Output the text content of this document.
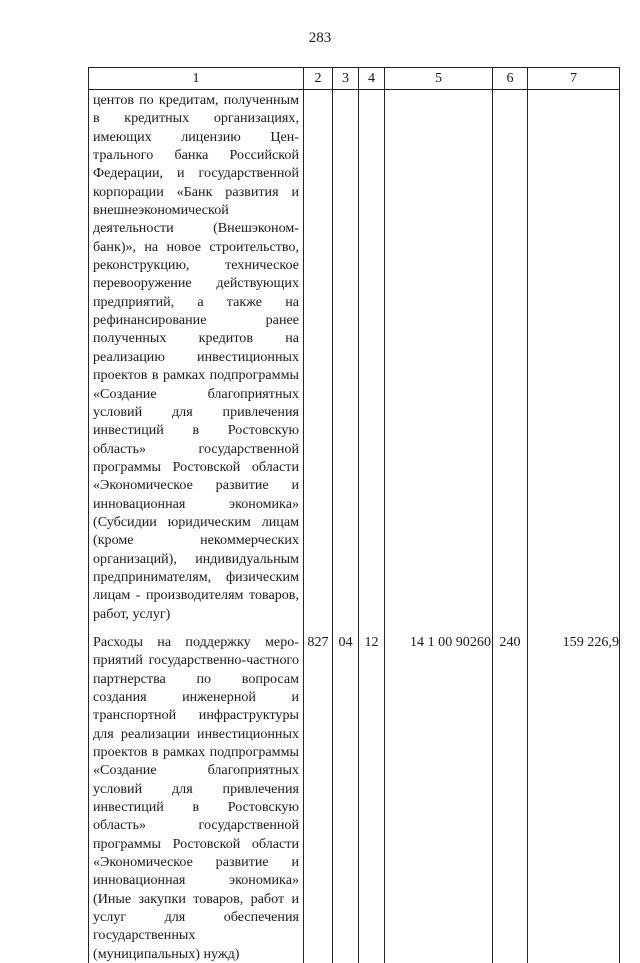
283
1	2	3	4	5	6	7
центов по кредитам, полученным в кредитных организациях, имеющих лицензию Центрального банка Российской Федерации, и государственной корпорации «Банк развития и внешнеэкономической деятельности (Внешэкономбанк)», на новое строительство, реконструкцию, техническое перевооружение действующих предприятий, а также на рефинансирование ранее полученных кредитов на реализацию инвестиционных проектов в рамках подпрограммы «Создание благоприятных условий для привлечения инвестиций в Ростовскую область» государственной программы Ростовской области «Экономическое развитие и инновационная экономика» (Субсидии юридическим лицам (кроме некоммерческих организаций), индивидуальным предпринимателям, физическим лицам - производителям товаров, работ, услуг)						
Расходы на поддержку мероприятий государственно-частного партнерства по вопросам создания инженерной и транспортной инфраструктуры для реализации инвестиционных проектов в рамках подпрограммы «Создание благоприятных условий для привлечения инвестиций в Ростовскую область» государственной программы Ростовской области «Экономическое развитие и инновационная экономика» (Иные закупки товаров, работ и услуг для обеспечения государственных (муниципальных) нужд)	827	04	12	14 1 00 90260	240	159 226,9
